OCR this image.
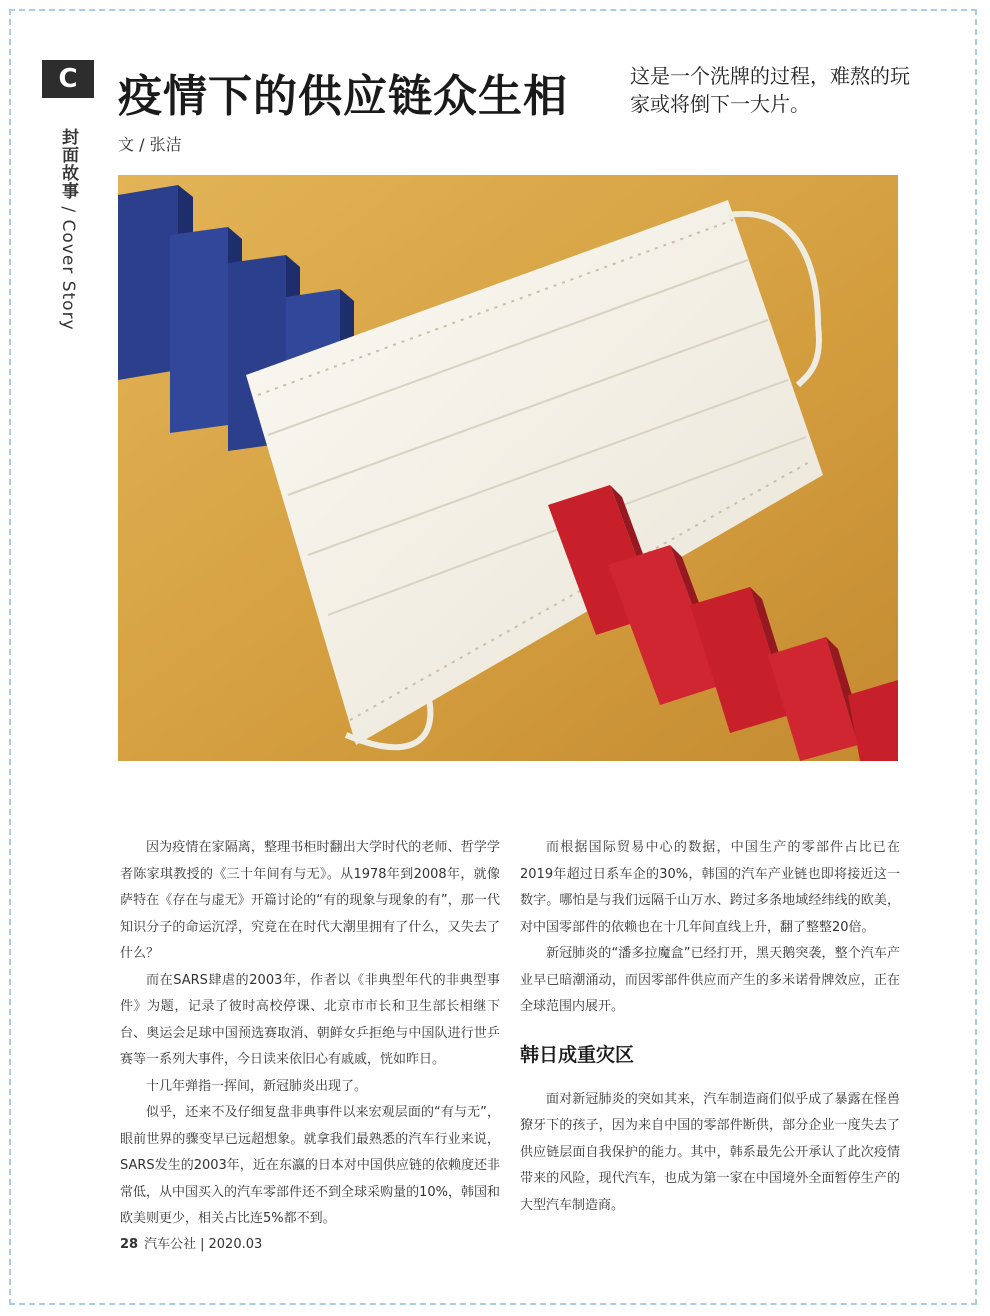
C
封面故事 / Cover Story
疫情下的供应链众生相	这是一个洗牌的过程，难熬的玩家或将倒下一大片。
文 / 张洁

因为疫情在家隔离，整理书柜时翻出大学时代的老师、哲学学者陈家琪教授的《三十年间有与无》。从1978年到2008年，就像萨特在《存在与虚无》开篇讨论的“有的现象与现象的有”，那一代知识分子的命运沉浮，究竟在在时代大潮里拥有了什么，又失去了什么？

而在SARS肆虐的2003年，作者以《非典型年代的非典型事件》为题，记录了彼时高校停课、北京市市长和卫生部长相继下台、奥运会足球中国预选赛取消、朝鲜女乒拒绝与中国队进行世乒赛等一系列大事件，今日读来依旧心有戚戚，恍如昨日。

十几年弹指一挥间，新冠肺炎出现了。

似乎，还来不及仔细复盘非典事件以来宏观层面的“有与无”，眼前世界的骤变早已远超想象。就拿我们最熟悉的汽车行业来说，SARS发生的2003年，近在东瀛的日本对中国供应链的依赖度还非常低，从中国买入的汽车零部件还不到全球采购量的10%，韩国和欧美则更少，相关占比连5%都不到。

而根据国际贸易中心的数据，中国生产的零部件占比已在2019年超过日系车企的30%，韩国的汽车产业链也即将接近这一数字。哪怕是与我们远隔千山万水、跨过多条地域经纬线的欧美，对中国零部件的依赖也在十几年间直线上升，翻了整整20倍。

新冠肺炎的“潘多拉魔盒”已经打开，黑天鹅突袭，整个汽车产业早已暗潮涌动，而因零部件供应而产生的多米诺骨牌效应，正在全球范围内展开。

韩日成重灾区

面对新冠肺炎的突如其来，汽车制造商们似乎成了暴露在怪兽獠牙下的孩子，因为来自中国的零部件断供，部分企业一度失去了供应链层面自我保护的能力。其中，韩系最先公开承认了此次疫情带来的风险，现代汽车，也成为第一家在中国境外全面暂停生产的大型汽车制造商。

28 汽车公社 | 2020.03
